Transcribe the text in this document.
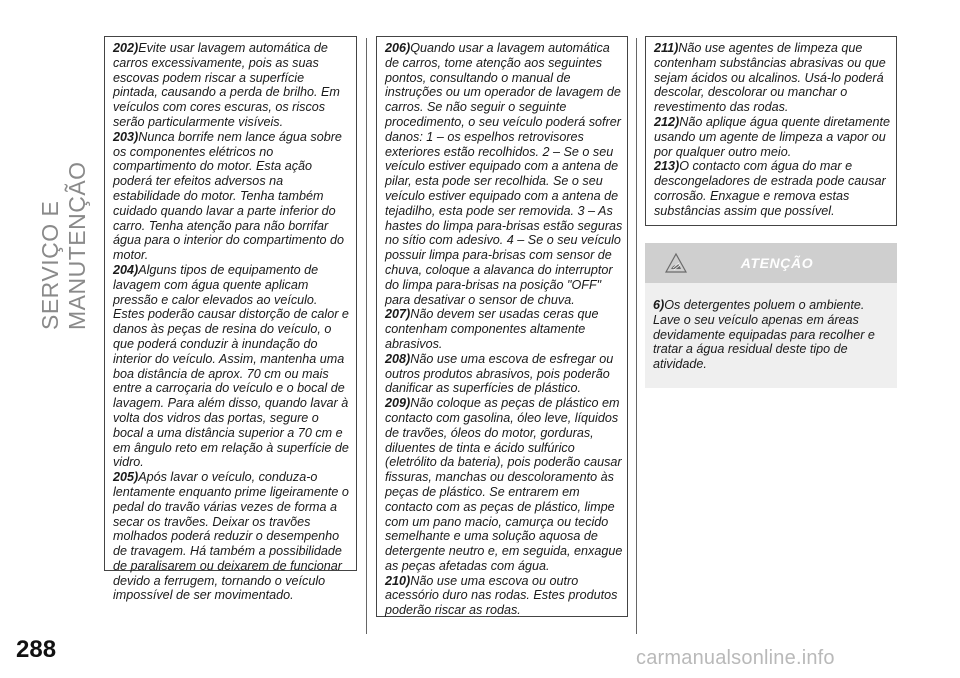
SERVIÇO E MANUTENÇÃO

202)Evite usar lavagem automática de carros excessivamente, pois as suas escovas podem riscar a superfície pintada, causando a perda de brilho. Em veículos com cores escuras, os riscos serão particularmente visíveis.

203)Nunca borrife nem lance água sobre os componentes elétricos no compartimento do motor. Esta ação poderá ter efeitos adversos na estabilidade do motor. Tenha também cuidado quando lavar a parte inferior do carro. Tenha atenção para não borrifar água para o interior do compartimento do motor.

204)Alguns tipos de equipamento de lavagem com água quente aplicam pressão e calor elevados ao veículo. Estes poderão causar distorção de calor e danos às peças de resina do veículo, o que poderá conduzir à inundação do interior do veículo. Assim, mantenha uma boa distância de aprox. 70 cm ou mais entre a carroçaria do veículo e o bocal de lavagem. Para além disso, quando lavar à volta dos vidros das portas, segure o bocal a uma distância superior a 70 cm e em ângulo reto em relação à superfície de vidro.

205)Após lavar o veículo, conduza-o lentamente enquanto prime ligeiramente o pedal do travão várias vezes de forma a secar os travões. Deixar os travões molhados poderá reduzir o desempenho de travagem. Há também a possibilidade de paralisarem ou deixarem de funcionar devido a ferrugem, tornando o veículo impossível de ser movimentado.

206)Quando usar a lavagem automática de carros, tome atenção aos seguintes pontos, consultando o manual de instruções ou um operador de lavagem de carros. Se não seguir o seguinte procedimento, o seu veículo poderá sofrer danos: 1 – os espelhos retrovisores exteriores estão recolhidos. 2 – Se o seu veículo estiver equipado com a antena de pilar, esta pode ser recolhida. Se o seu veículo estiver equipado com a antena de tejadilho, esta pode ser removida. 3 – As hastes do limpa para-brisas estão seguras no sítio com adesivo. 4 – Se o seu veículo possuir limpa para-brisas com sensor de chuva, coloque a alavanca do interruptor do limpa para-brisas na posição "OFF" para desativar o sensor de chuva.

207)Não devem ser usadas ceras que contenham componentes altamente abrasivos.

208)Não use uma escova de esfregar ou outros produtos abrasivos, pois poderão danificar as superfícies de plástico.

209)Não coloque as peças de plástico em contacto com gasolina, óleo leve, líquidos de travões, óleos do motor, gorduras, diluentes de tinta e ácido sulfúrico (eletrólito da bateria), pois poderão causar fissuras, manchas ou descoloramento às peças de plástico. Se entrarem em contacto com as peças de plástico, limpe com um pano macio, camurça ou tecido semelhante e uma solução aquosa de detergente neutro e, em seguida, enxague as peças afetadas com água.

210)Não use uma escova ou outro acessório duro nas rodas. Estes produtos poderão riscar as rodas.

211)Não use agentes de limpeza que contenham substâncias abrasivas ou que sejam ácidos ou alcalinos. Usá-lo poderá descolar, descolorar ou manchar o revestimento das rodas.

212)Não aplique água quente diretamente usando um agente de limpeza a vapor ou por qualquer outro meio.

213)O contacto com água do mar e descongeladores de estrada pode causar corrosão. Enxague e remova estas substâncias assim que possível.

ATENÇÃO

6)Os detergentes poluem o ambiente. Lave o seu veículo apenas em áreas devidamente equipadas para recolher e tratar a água residual deste tipo de atividade.

288	carmanualsonline.info
